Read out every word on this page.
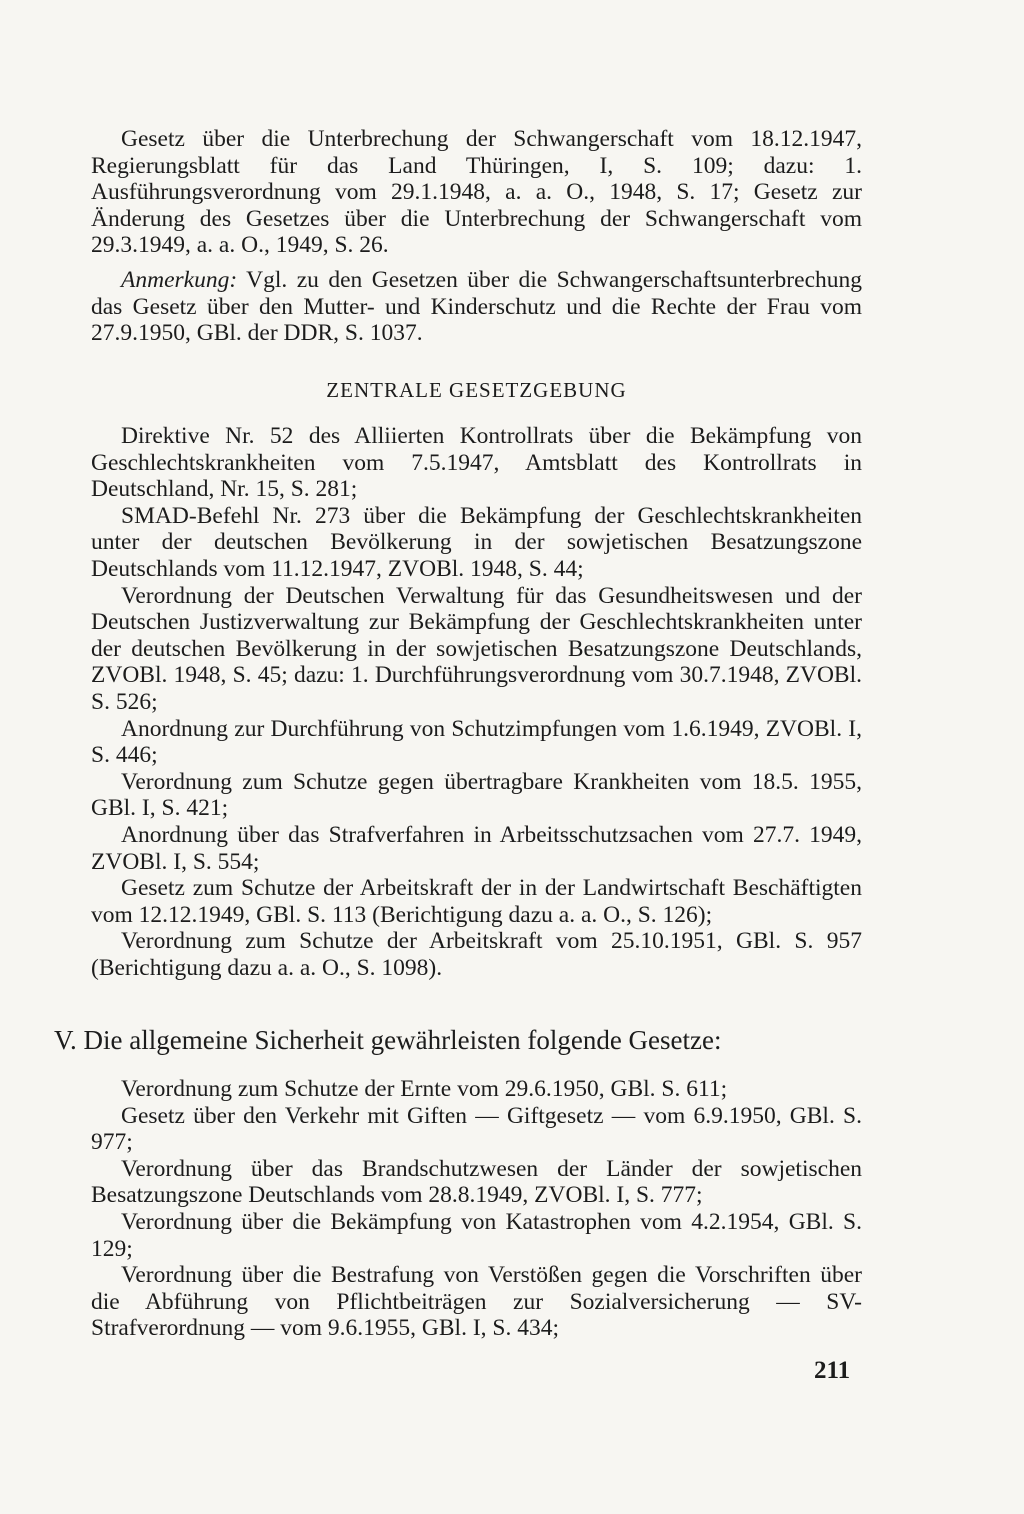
Gesetz über die Unterbrechung der Schwangerschaft vom 18.12.1947, Regierungsblatt für das Land Thüringen, I, S. 109; dazu: 1. Ausführungsverordnung vom 29.1.1948, a. a. O., 1948, S. 17; Gesetz zur Änderung des Gesetzes über die Unterbrechung der Schwangerschaft vom 29.3.1949, a. a. O., 1949, S. 26.

Anmerkung: Vgl. zu den Gesetzen über die Schwangerschaftsunterbrechung das Gesetz über den Mutter- und Kinderschutz und die Rechte der Frau vom 27.9.1950, GBl. der DDR, S. 1037.

ZENTRALE GESETZGEBUNG

Direktive Nr. 52 des Alliierten Kontrollrats über die Bekämpfung von Geschlechtskrankheiten vom 7.5.1947, Amtsblatt des Kontrollrats in Deutschland, Nr. 15, S. 281;

SMAD-Befehl Nr. 273 über die Bekämpfung der Geschlechtskrankheiten unter der deutschen Bevölkerung in der sowjetischen Besatzungszone Deutschlands vom 11.12.1947, ZVOBl. 1948, S. 44;

Verordnung der Deutschen Verwaltung für das Gesundheitswesen und der Deutschen Justizverwaltung zur Bekämpfung der Geschlechtskrankheiten unter der deutschen Bevölkerung in der sowjetischen Besatzungszone Deutschlands, ZVOBl. 1948, S. 45; dazu: 1. Durchführungsverordnung vom 30.7.1948, ZVOBl. S. 526;

Anordnung zur Durchführung von Schutzimpfungen vom 1.6.1949, ZVOBl. I, S. 446;

Verordnung zum Schutze gegen übertragbare Krankheiten vom 18.5. 1955, GBl. I, S. 421;

Anordnung über das Strafverfahren in Arbeitsschutzsachen vom 27.7. 1949, ZVOBl. I, S. 554;

Gesetz zum Schutze der Arbeitskraft der in der Landwirtschaft Beschäftigten vom 12.12.1949, GBl. S. 113 (Berichtigung dazu a. a. O., S. 126);

Verordnung zum Schutze der Arbeitskraft vom 25.10.1951, GBl. S. 957 (Berichtigung dazu a. a. O., S. 1098).

V. Die allgemeine Sicherheit gewährleisten folgende Gesetze:

Verordnung zum Schutze der Ernte vom 29.6.1950, GBl. S. 611;

Gesetz über den Verkehr mit Giften — Giftgesetz — vom 6.9.1950, GBl. S. 977;

Verordnung über das Brandschutzwesen der Länder der sowjetischen Besatzungszone Deutschlands vom 28.8.1949, ZVOBl. I, S. 777;

Verordnung über die Bekämpfung von Katastrophen vom 4.2.1954, GBl. S. 129;

Verordnung über die Bestrafung von Verstößen gegen die Vorschriften über die Abführung von Pflichtbeiträgen zur Sozialversicherung — SV-Strafverordnung — vom 9.6.1955, GBl. I, S. 434;

211
